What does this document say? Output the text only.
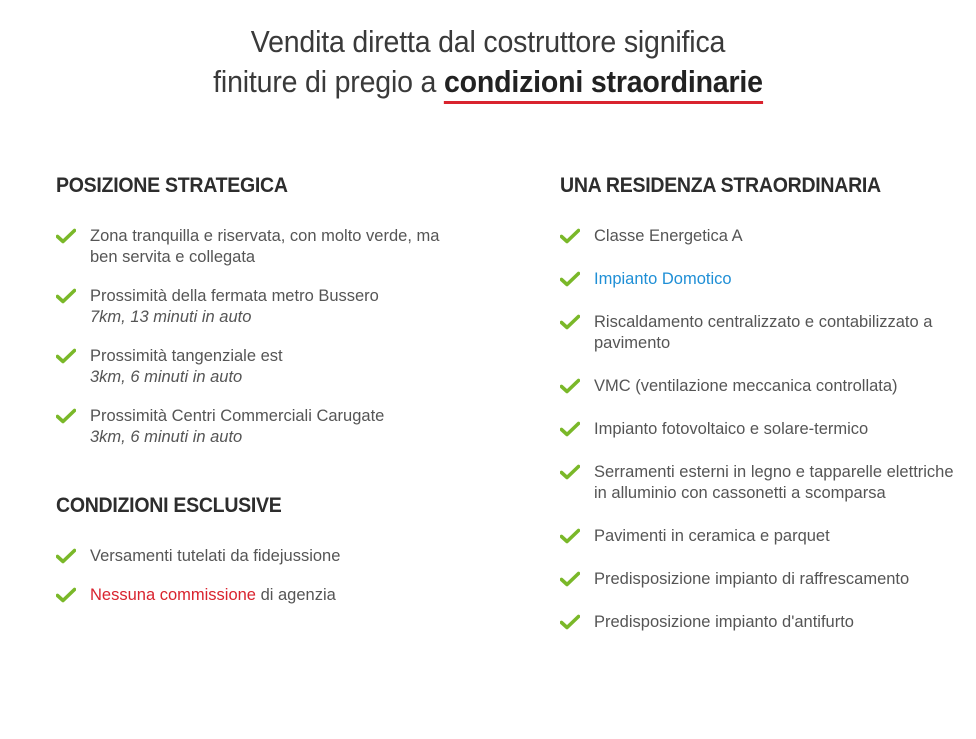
Vendita diretta dal costruttore significa
finiture di pregio a condizioni straordinarie
POSIZIONE STRATEGICA
Zona tranquilla e riservata, con molto verde, ma ben servita e collegata
Prossimità della fermata metro Bussero
7km, 13 minuti in auto
Prossimità tangenziale est
3km, 6 minuti in auto
Prossimità Centri Commerciali Carugate
3km, 6 minuti in auto
CONDIZIONI ESCLUSIVE
Versamenti tutelati da fidejussione
Nessuna commissione di agenzia
UNA RESIDENZA STRAORDINARIA
Classe Energetica A
Impianto Domotico
Riscaldamento centralizzato e contabilizzato a pavimento
VMC (ventilazione meccanica controllata)
Impianto fotovoltaico e solare-termico
Serramenti esterni in legno e tapparelle elettriche in alluminio con cassonetti a scomparsa
Pavimenti in ceramica e parquet
Predisposizione impianto di raffrescamento
Predisposizione impianto d'antifurto
